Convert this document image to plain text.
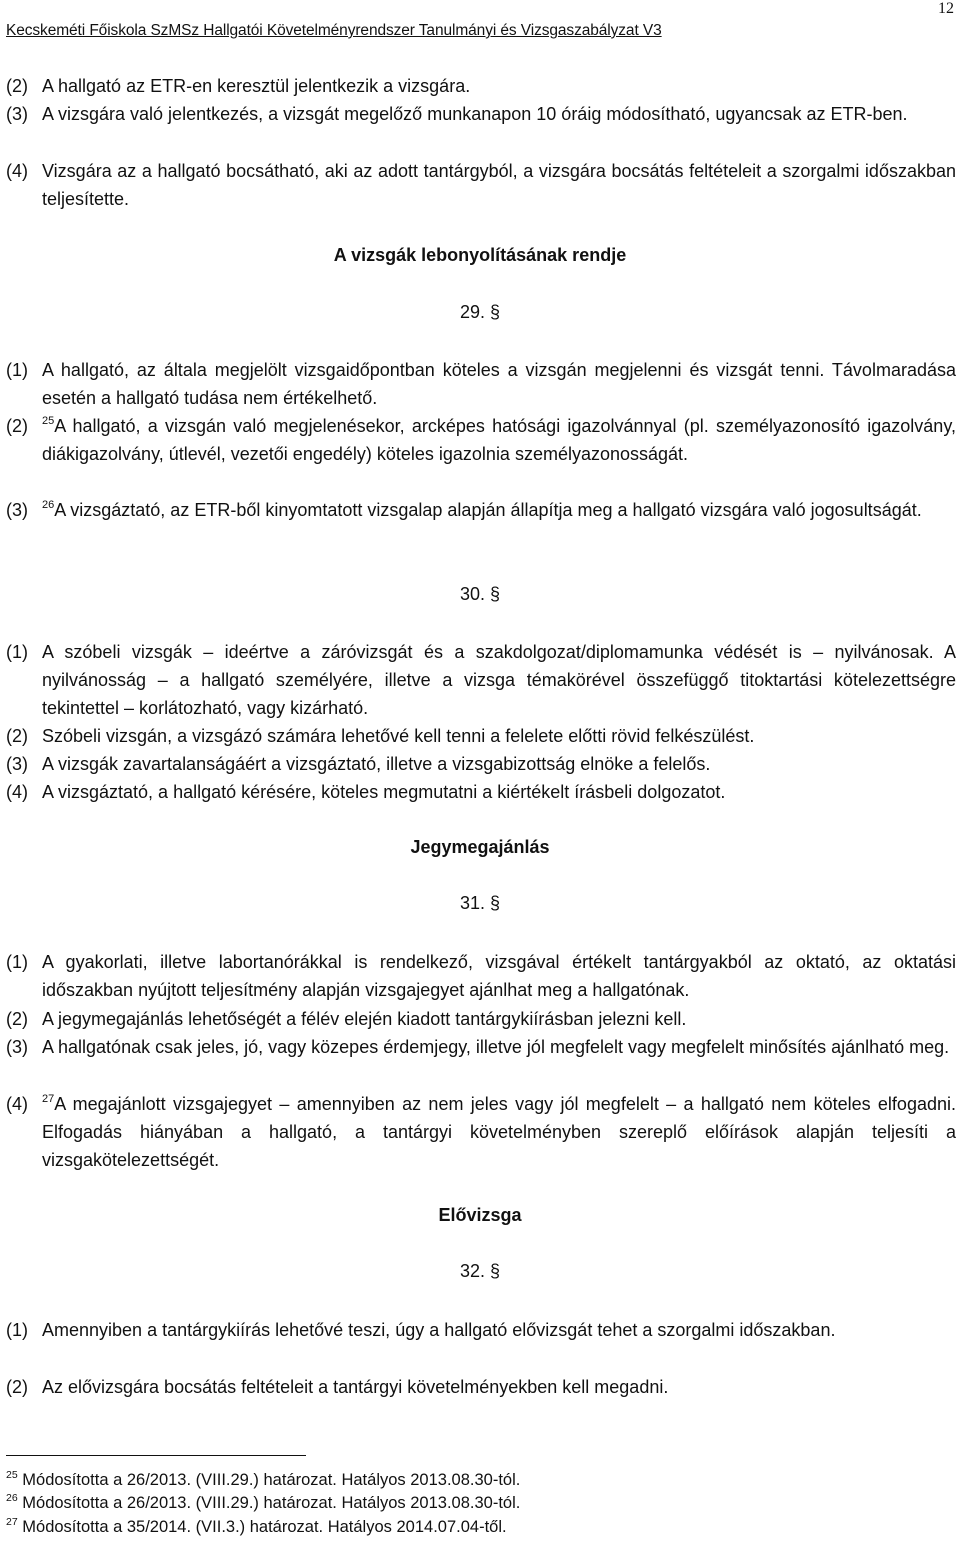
12
Kecskeméti Főiskola SzMSz Hallgatói Követelményrendszer Tanulmányi és Vizsgaszabályzat V3
(2) A hallgató az ETR-en keresztül jelentkezik a vizsgára.
(3) A vizsgára való jelentkezés, a vizsgát megelőző munkanapon 10 óráig módosítható, ugyancsak az ETR-ben.
(4) Vizsgára az a hallgató bocsátható, aki az adott tantárgyból, a vizsgára bocsátás feltételeit a szorgalmi időszakban teljesítette.
A vizsgák lebonyolításának rendje
29. §
(1) A hallgató, az általa megjelölt vizsgaidőpontban köteles a vizsgán megjelenni és vizsgát tenni. Távolmaradása esetén a hallgató tudása nem értékelhető.
(2) $^{25}$A hallgató, a vizsgán való megjelenésekor, arcképes hatósági igazolvánnyal (pl. személyazonosító igazolvány, diákigazolvány, útlevél, vezetői engedély) köteles igazolnia személyazonosságát.
(3) $^{26}$A vizsgáztató, az ETR-ből kinyomtatott vizsgalap alapján állapítja meg a hallgató vizsgára való jogosultságát.
30. §
(1) A szóbeli vizsgák – ideértve a záróvizsgát és a szakdolgozat/diplomamunka védését is – nyilvánosak. A nyilvánosság – a hallgató személyére, illetve a vizsga témakörével összefüggő titoktartási kötelezettségre tekintettel – korlátozható, vagy kizárható.
(2) Szóbeli vizsgán, a vizsgázó számára lehetővé kell tenni a felelete előtti rövid felkészülést.
(3) A vizsgák zavartalanságáért a vizsgáztató, illetve a vizsgabizottság elnöke a felelős.
(4) A vizsgáztató, a hallgató kérésére, köteles megmutatni a kiértékelt írásbeli dolgozatot.
Jegymegajánlás
31. §
(1) A gyakorlati, illetve labortanórákkal is rendelkező, vizsgával értékelt tantárgyakból az oktató, az oktatási időszakban nyújtott teljesítmény alapján vizsgajegyet ajánlhat meg a hallgatónak.
(2) A jegymegajánlás lehetőségét a félév elején kiadott tantárgykiírásban jelezni kell.
(3) A hallgatónak csak jeles, jó, vagy közepes érdemjegy, illetve jól megfelelt vagy megfelelt minősítés ajánlható meg.
(4) $^{27}$A megajánlott vizsgajegyet – amennyiben az nem jeles vagy jól megfelelt – a hallgató nem köteles elfogadni. Elfogadás hiányában a hallgató, a tantárgyi követelményben szereplő előírások alapján teljesíti a vizsgakötelezettségét.
Elővizsga
32. §
(1) Amennyiben a tantárgykiírás lehetővé teszi, úgy a hallgató elővizsgát tehet a szorgalmi időszakban.
(2) Az elővizsgára bocsátás feltételeit a tantárgyi követelményekben kell megadni.
$^{25}$ Módosította a 26/2013. (VIII.29.) határozat. Hatályos 2013.08.30-tól.
$^{26}$ Módosította a 26/2013. (VIII.29.) határozat. Hatályos 2013.08.30-tól.
$^{27}$ Módosította a 35/2014. (VII.3.) határozat. Hatályos 2014.07.04-től.
